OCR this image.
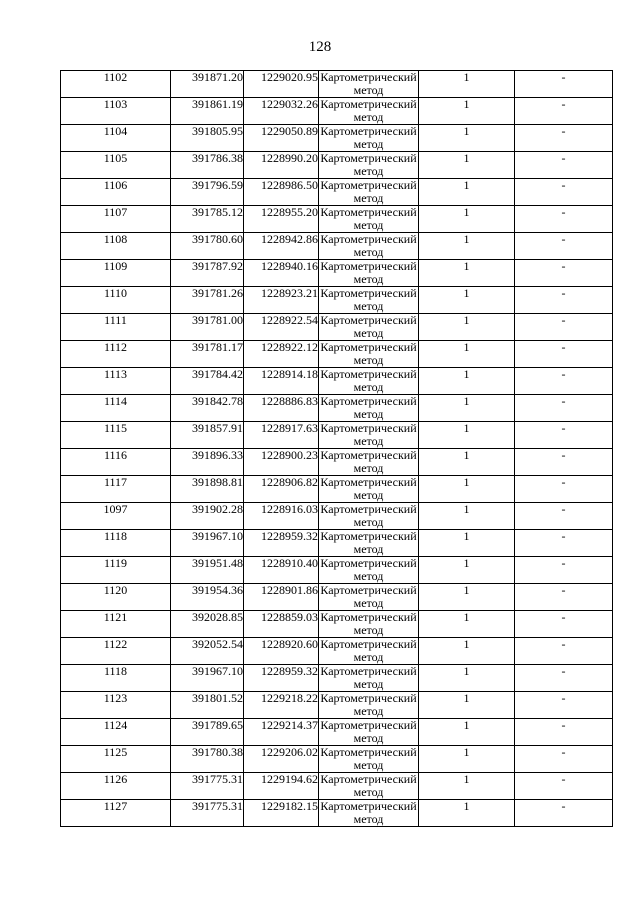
128
1102	391871.20	1229020.95	Картометрический метод	1	-
1103	391861.19	1229032.26	Картометрический метод	1	-
1104	391805.95	1229050.89	Картометрический метод	1	-
1105	391786.38	1228990.20	Картометрический метод	1	-
1106	391796.59	1228986.50	Картометрический метод	1	-
1107	391785.12	1228955.20	Картометрический метод	1	-
1108	391780.60	1228942.86	Картометрический метод	1	-
1109	391787.92	1228940.16	Картометрический метод	1	-
1110	391781.26	1228923.21	Картометрический метод	1	-
1111	391781.00	1228922.54	Картометрический метод	1	-
1112	391781.17	1228922.12	Картометрический метод	1	-
1113	391784.42	1228914.18	Картометрический метод	1	-
1114	391842.78	1228886.83	Картометрический метод	1	-
1115	391857.91	1228917.63	Картометрический метод	1	-
1116	391896.33	1228900.23	Картометрический метод	1	-
1117	391898.81	1228906.82	Картометрический метод	1	-
1097	391902.28	1228916.03	Картометрический метод	1	-
1118	391967.10	1228959.32	Картометрический метод	1	-
1119	391951.48	1228910.40	Картометрический метод	1	-
1120	391954.36	1228901.86	Картометрический метод	1	-
1121	392028.85	1228859.03	Картометрический метод	1	-
1122	392052.54	1228920.60	Картометрический метод	1	-
1118	391967.10	1228959.32	Картометрический метод	1	-
1123	391801.52	1229218.22	Картометрический метод	1	-
1124	391789.65	1229214.37	Картометрический метод	1	-
1125	391780.38	1229206.02	Картометрический метод	1	-
1126	391775.31	1229194.62	Картометрический метод	1	-
1127	391775.31	1229182.15	Картометрический метод	1	-
